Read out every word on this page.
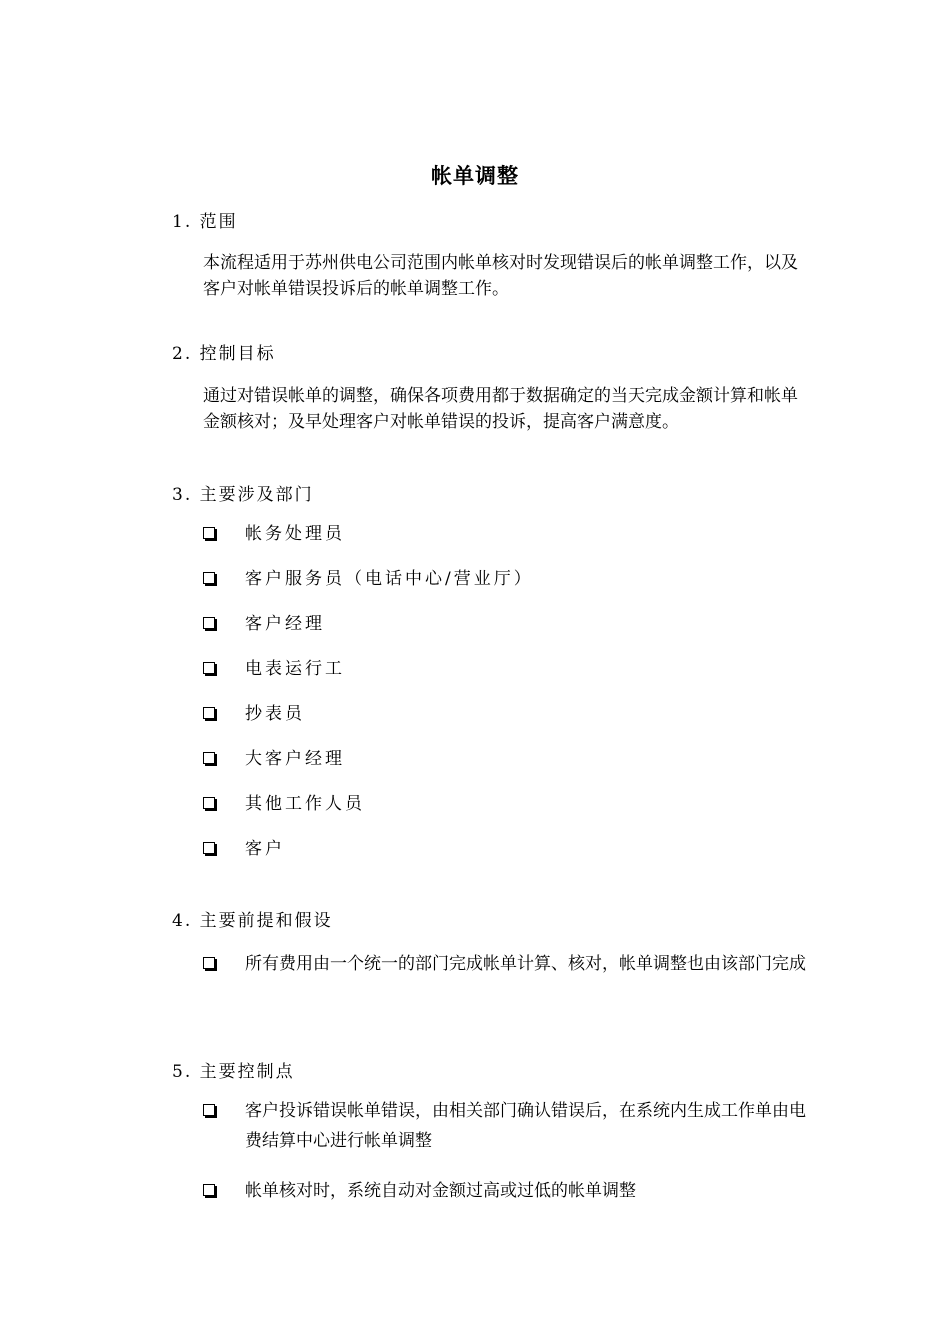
帐单调整
1. 范围
本流程适用于苏州供电公司范围内帐单核对时发现错误后的帐单调整工作，以及客户对帐单错误投诉后的帐单调整工作。
2. 控制目标
通过对错误帐单的调整，确保各项费用都于数据确定的当天完成金额计算和帐单金额核对；及早处理客户对帐单错误的投诉，提高客户满意度。
3. 主要涉及部门
帐务处理员
客户服务员（电话中心/营业厅）
客户经理
电表运行工
抄表员
大客户经理
其他工作人员
客户
4. 主要前提和假设
所有费用由一个统一的部门完成帐单计算、核对，帐单调整也由该部门完成
5. 主要控制点
客户投诉错误帐单错误，由相关部门确认错误后，在系统内生成工作单由电费结算中心进行帐单调整
帐单核对时，系统自动对金额过高或过低的帐单调整
